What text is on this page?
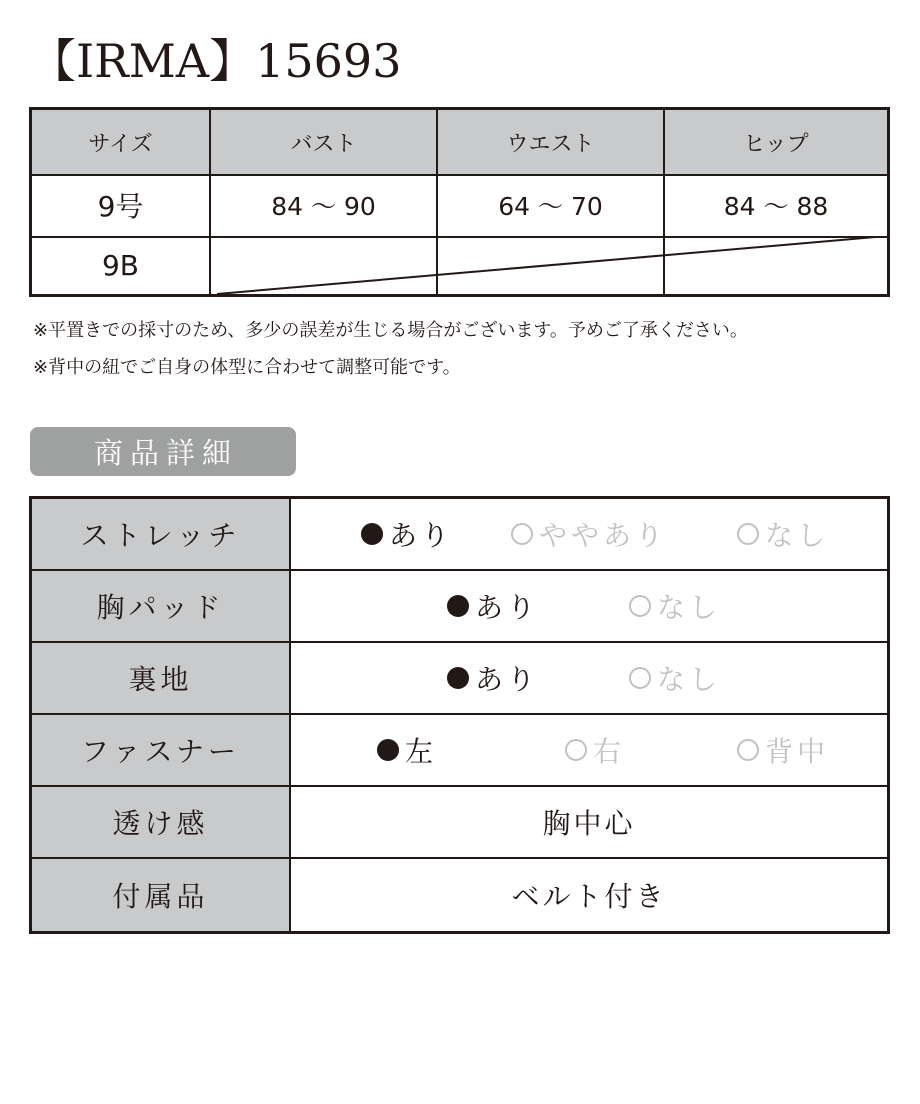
【IRMA】15693
サイズ	バスト	ウエスト	ヒップ
9号	84 〜 90	64 〜 70	84 〜 88
9B
※平置きでの採寸のため、多少の誤差が生じる場合がございます。予めご了承ください。
※背中の紐でご自身の体型に合わせて調整可能です。
商品詳細
ストレッチ	あり	ややあり	なし
胸パッド	あり	なし
裏地	あり	なし
ファスナー	左	右	背中
透け感	胸中心
付属品	ベルト付き
